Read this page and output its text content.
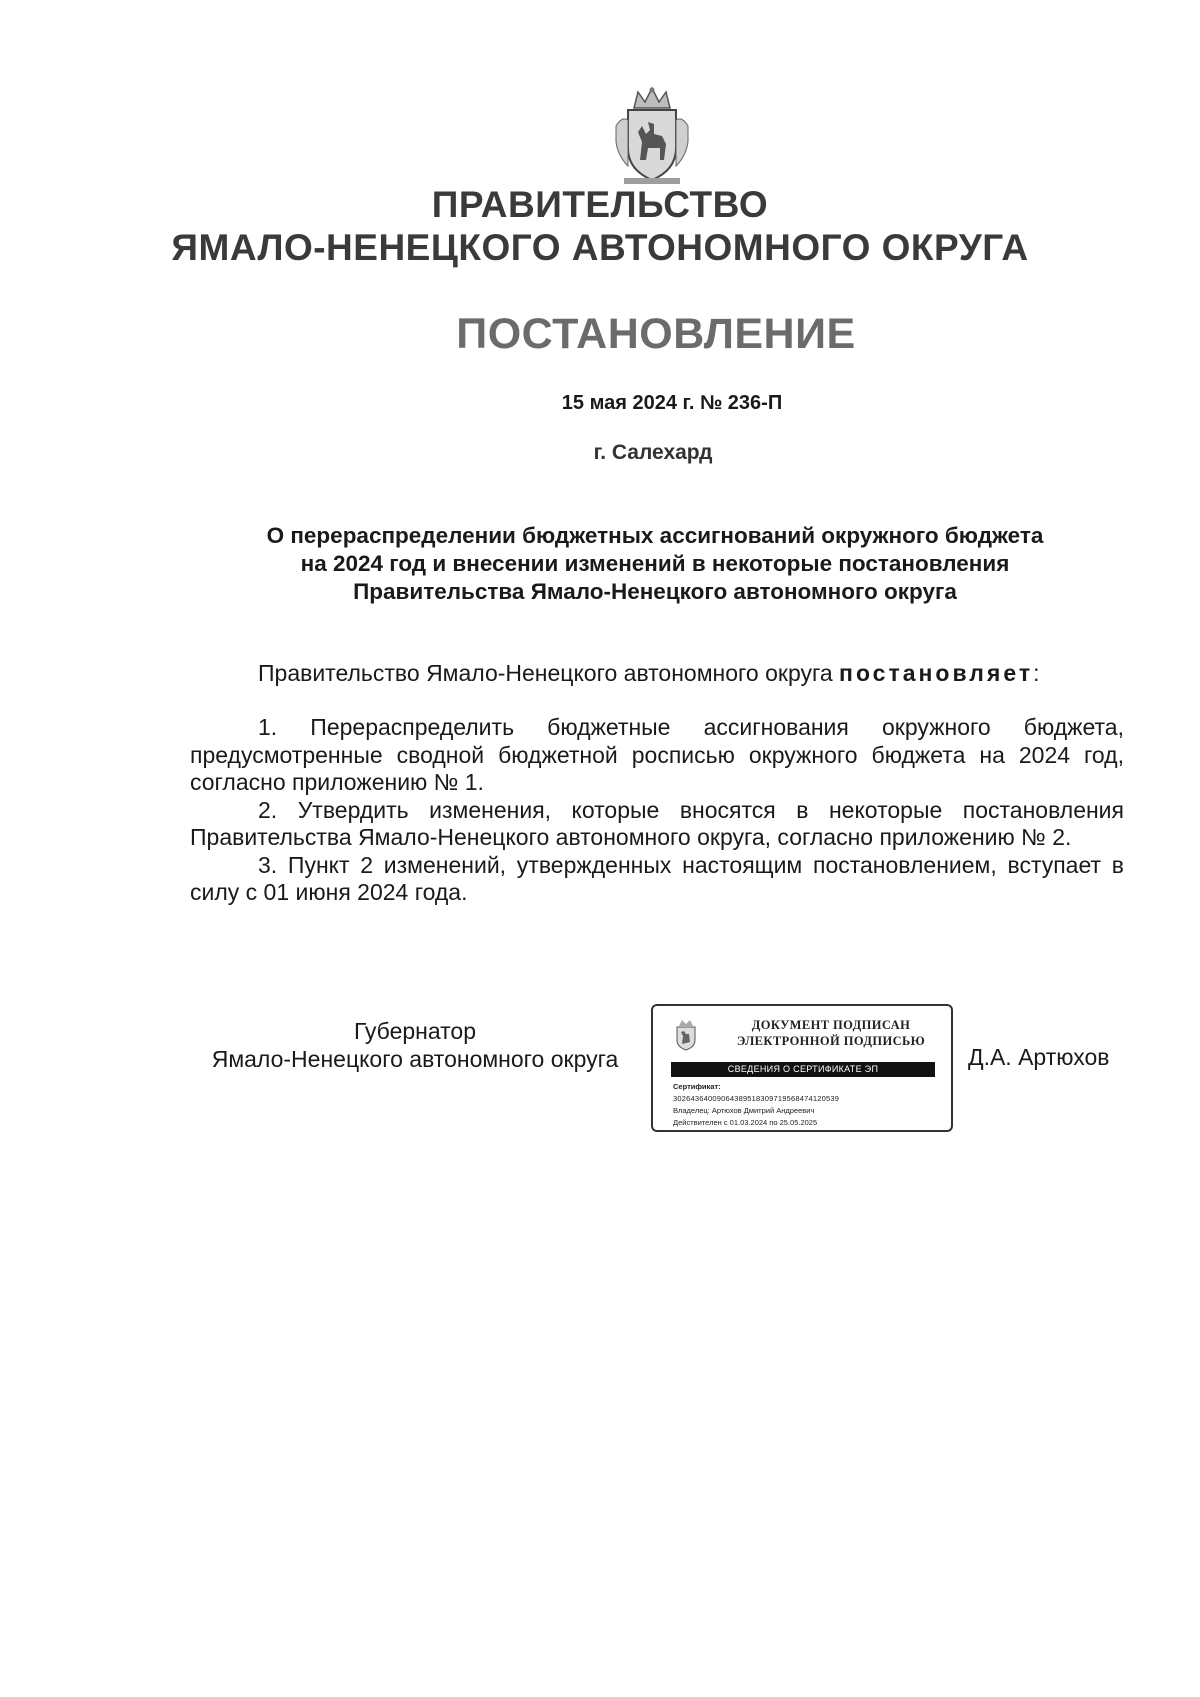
ПРАВИТЕЛЬСТВО
ЯМАЛО-НЕНЕЦКОГО АВТОНОМНОГО ОКРУГА
ПОСТАНОВЛЕНИЕ
15 мая 2024 г. № 236-П
г. Салехард
О перераспределении бюджетных ассигнований окружного бюджета
на 2024 год и внесении изменений в некоторые постановления
Правительства Ямало-Ненецкого автономного округа
Правительство Ямало-Ненецкого автономного округа постановляет:

1. Перераспределить бюджетные ассигнования окружного бюджета, предусмотренные сводной бюджетной росписью окружного бюджета на 2024 год, согласно приложению № 1.

2. Утвердить изменения, которые вносятся в некоторые постановления Правительства Ямало-Ненецкого автономного округа, согласно приложению № 2.

3. Пункт 2 изменений, утвержденных настоящим постановлением, вступает в силу с 01 июня 2024 года.

Губернатор
Ямало-Ненецкого автономного округа
ДОКУМЕНТ ПОДПИСАН
ЭЛЕКТРОННОЙ ПОДПИСЬЮ
СВЕДЕНИЯ О СЕРТИФИКАТЕ ЭП
Сертификат:
302643640090643895183097195684741205​39
Владелец: Артюхов Дмитрий Андреевич
Действителен с 01.03.2024 по 25.05.2025
Д.А. Артюхов
